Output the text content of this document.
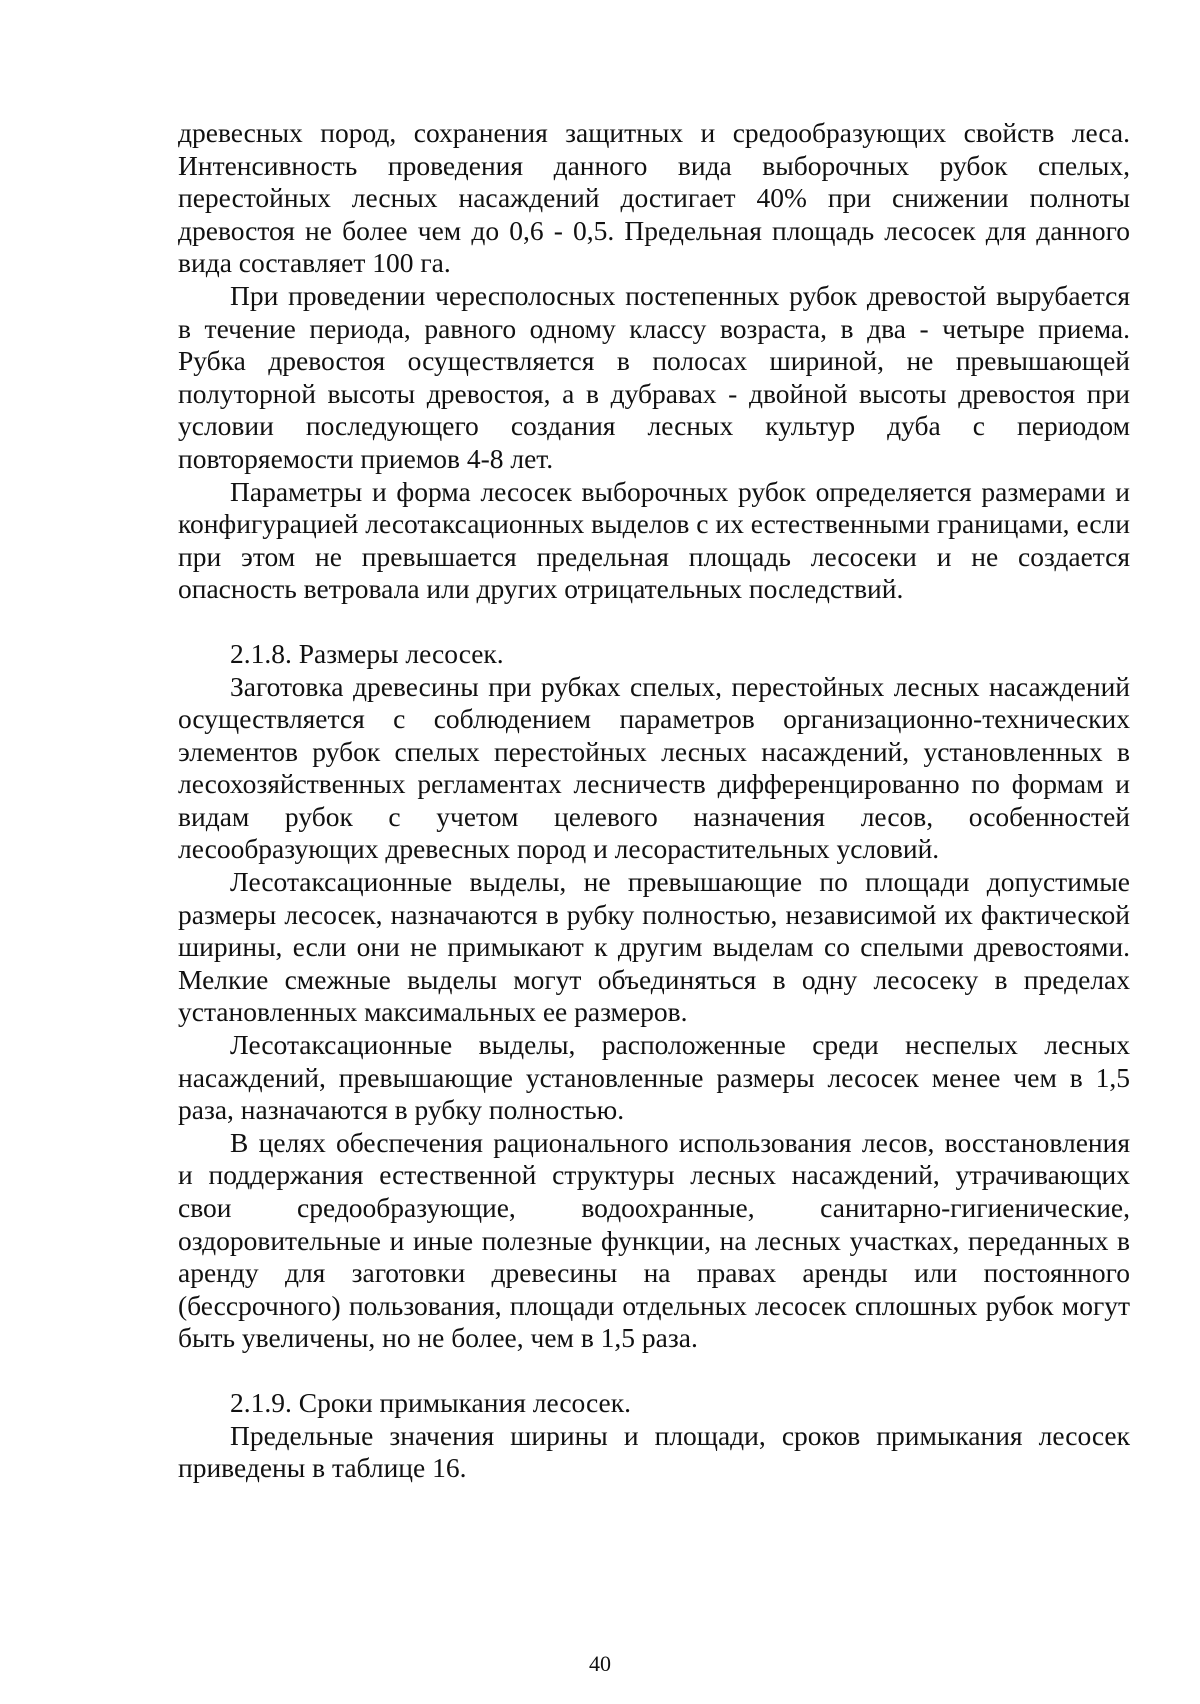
древесных пород, сохранения защитных и средообразующих свойств леса. Интенсивность проведения данного вида выборочных рубок спелых, перестойных лесных насаждений достигает 40% при снижении полноты древостоя не более чем до 0,6 - 0,5. Предельная площадь лесосек для данного вида составляет 100 га.

При проведении чересполосных постепенных рубок древостой вырубается в течение периода, равного одному классу возраста, в два - четыре приема. Рубка древостоя осуществляется в полосах шириной, не превышающей полуторной высоты древостоя, а в дубравах - двойной высоты древостоя при условии последующего создания лесных культур дуба с периодом повторяемости приемов 4-8 лет.

Параметры и форма лесосек выборочных рубок определяется размерами и конфигурацией лесотаксационных выделов с их естественными границами, если при этом не превышается предельная площадь лесосеки и не создается опасность ветровала или других отрицательных последствий.

2.1.8. Размеры лесосек.

Заготовка древесины при рубках спелых, перестойных лесных насаждений осуществляется с соблюдением параметров организационно-технических элементов рубок спелых перестойных лесных насаждений, установленных в лесохозяйственных регламентах лесничеств дифференцированно по формам и видам рубок с учетом целевого назначения лесов, особенностей лесообразующих древесных пород и лесорастительных условий.

Лесотаксационные выделы, не превышающие по площади допустимые размеры лесосек, назначаются в рубку полностью, независимой их фактической ширины, если они не примыкают к другим выделам со спелыми древостоями. Мелкие смежные выделы могут объединяться в одну лесосеку в пределах установленных максимальных ее размеров.

Лесотаксационные выделы, расположенные среди неспелых лесных насаждений, превышающие установленные размеры лесосек менее чем в 1,5 раза, назначаются в рубку полностью.

В целях обеспечения рационального использования лесов, восстановления и поддержания естественной структуры лесных насаждений, утрачивающих свои средообразующие, водоохранные, санитарно-гигиенические, оздоровительные и иные полезные функции, на лесных участках, переданных в аренду для заготовки древесины на правах аренды или постоянного (бессрочного) пользования, площади отдельных лесосек сплошных рубок могут быть увеличены, но не более, чем в 1,5 раза.

2.1.9. Сроки примыкания лесосек.

Предельные значения ширины и площади, сроков примыкания лесосек приведены в таблице 16.

40
